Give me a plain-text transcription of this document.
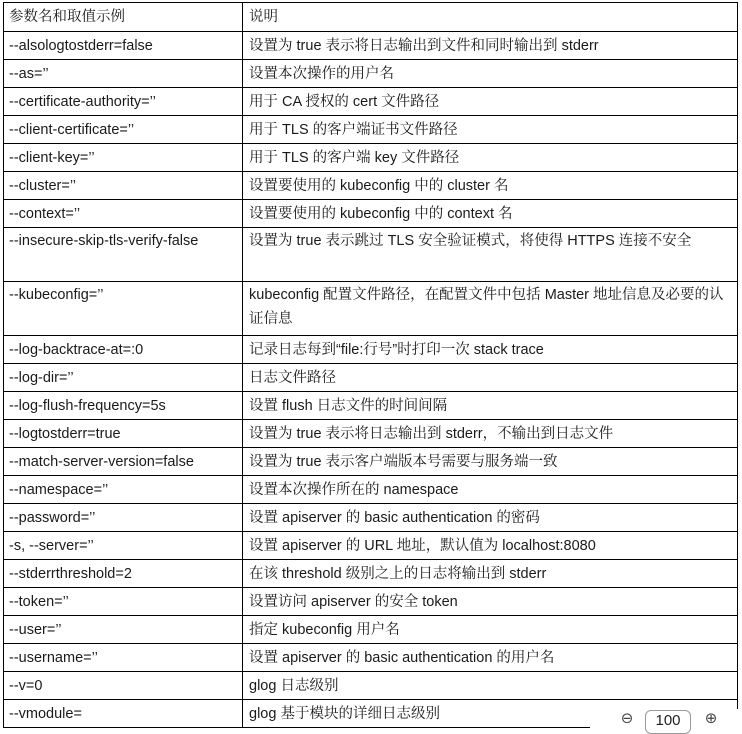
参数名和取值示例	说明
--alsologtostderr=false	设置为 true 表示将日志输出到文件和同时输出到 stderr
--as=’’	设置本次操作的用户名
--certificate-authority=’’	用于 CA 授权的 cert 文件路径
--client-certificate=’’	用于 TLS 的客户端证书文件路径
--client-key=’’	用于 TLS 的客户端 key 文件路径
--cluster=’’	设置要使用的 kubeconfig 中的 cluster 名
--context=’’	设置要使用的 kubeconfig 中的 context 名
--insecure-skip-tls-verify-false	设置为 true 表示跳过 TLS 安全验证模式，将使得 HTTPS 连接不安全
--kubeconfig=’’	kubeconfig 配置文件路径，在配置文件中包括 Master 地址信息及必要的认证信息
--log-backtrace-at=:0	记录日志每到“file:行号”时打印一次 stack trace
--log-dir=’’	日志文件路径
--log-flush-frequency=5s	设置 flush 日志文件的时间间隔
--logtostderr=true	设置为 true 表示将日志输出到 stderr，不输出到日志文件
--match-server-version=false	设置为 true 表示客户端版本号需要与服务端一致
--namespace=’’	设置本次操作所在的 namespace
--password=’’	设置 apiserver 的 basic authentication 的密码
-s, --server=’’	设置 apiserver 的 URL 地址，默认值为 localhost:8080
--stderrthreshold=2	在该 threshold 级别之上的日志将输出到 stderr
--token=’’	设置访问 apiserver 的安全 token
--user=’’	指定 kubeconfig 用户名
--username=’’	设置 apiserver 的 basic authentication 的用户名
--v=0	glog 日志级别
--vmodule=	glog 基于模块的详细日志级别	⊖	100	⊕
